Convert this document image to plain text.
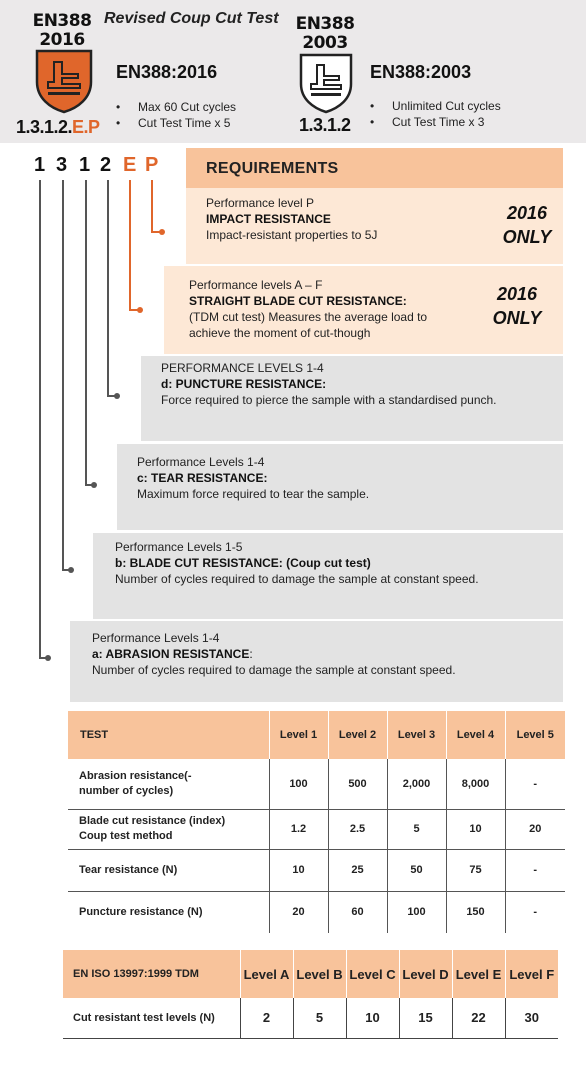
EN388
2016
Revised Coup Cut Test
EN388:2016
1.3.1.2.E.P
• Max 60 Cut cycles
• Cut Test Time x 5
EN388
2003
EN388:2003
1.3.1.2
• Unlimited Cut cycles
• Cut Test Time x 3
1 3 1 2 E P	REQUIREMENTS
Performance level P
IMPACT RESISTANCE
Impact-resistant properties to 5J
2016
ONLY
Performance levels A – F
STRAIGHT BLADE CUT RESISTANCE:
(TDM cut test) Measures the average load to
achieve the moment of cut-though
2016
ONLY
PERFORMANCE LEVELS 1-4
d: PUNCTURE RESISTANCE:
Force required to pierce the sample with a standardised punch.
Performance Levels 1-4
c: TEAR RESISTANCE:
Maximum force required to tear the sample.
Performance Levels 1-5
b: BLADE CUT RESISTANCE: (Coup cut test)
Number of cycles required to damage the sample at constant speed.
Performance Levels 1-4
a: ABRASION RESISTANCE:
Number of cycles required to damage the sample at constant speed.
TEST	Level 1	Level 2	Level 3	Level 4	Level 5

Abrasion resistance(-
number of cycles)	100	500	2,000	8,000	-

Blade cut resistance (index)
Coup test method	1.2	2.5	5	10	20
Tear resistance (N)	10	25	50	75	-
Puncture resistance (N)	20	60	100	150	-
EN ISO 13997:1999 TDM	Level A	Level B	Level C	Level D	Level E	Level F
Cut resistant test levels (N)	2	5	10	15	22	30
